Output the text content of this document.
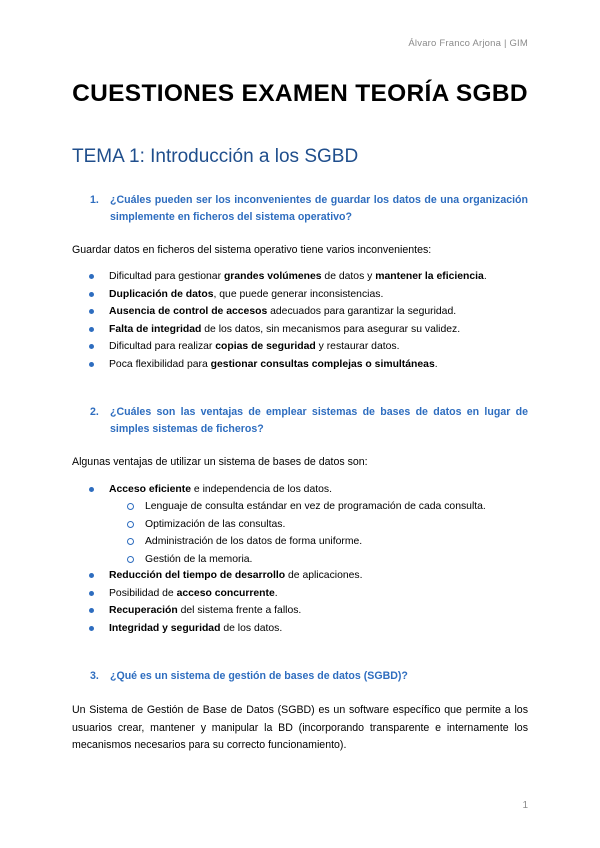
Álvaro Franco Arjona | GIM
CUESTIONES EXAMEN TEORÍA SGBD
TEMA 1: Introducción a los SGBD
1.	¿Cuáles pueden ser los inconvenientes de guardar los datos de una organización simplemente en ficheros del sistema operativo?
Guardar datos en ficheros del sistema operativo tiene varios inconvenientes:
Dificultad para gestionar grandes volúmenes de datos y mantener la eficiencia.
Duplicación de datos, que puede generar inconsistencias.
Ausencia de control de accesos adecuados para garantizar la seguridad.
Falta de integridad de los datos, sin mecanismos para asegurar su validez.
Dificultad para realizar copias de seguridad y restaurar datos.
Poca flexibilidad para gestionar consultas complejas o simultáneas.
2.	¿Cuáles son las ventajas de emplear sistemas de bases de datos en lugar de simples sistemas de ficheros?
Algunas ventajas de utilizar un sistema de bases de datos son:
Acceso eficiente e independencia de los datos.
Lenguaje de consulta estándar en vez de programación de cada consulta.
Optimización de las consultas.
Administración de los datos de forma uniforme.
Gestión de la memoria.
Reducción del tiempo de desarrollo de aplicaciones.
Posibilidad de acceso concurrente.
Recuperación del sistema frente a fallos.
Integridad y seguridad de los datos.
3.	¿Qué es un sistema de gestión de bases de datos (SGBD)?
Un Sistema de Gestión de Base de Datos (SGBD) es un software específico que permite a los usuarios crear, mantener y manipular la BD (incorporando transparente e internamente los mecanismos necesarios para su correcto funcionamiento).
1
